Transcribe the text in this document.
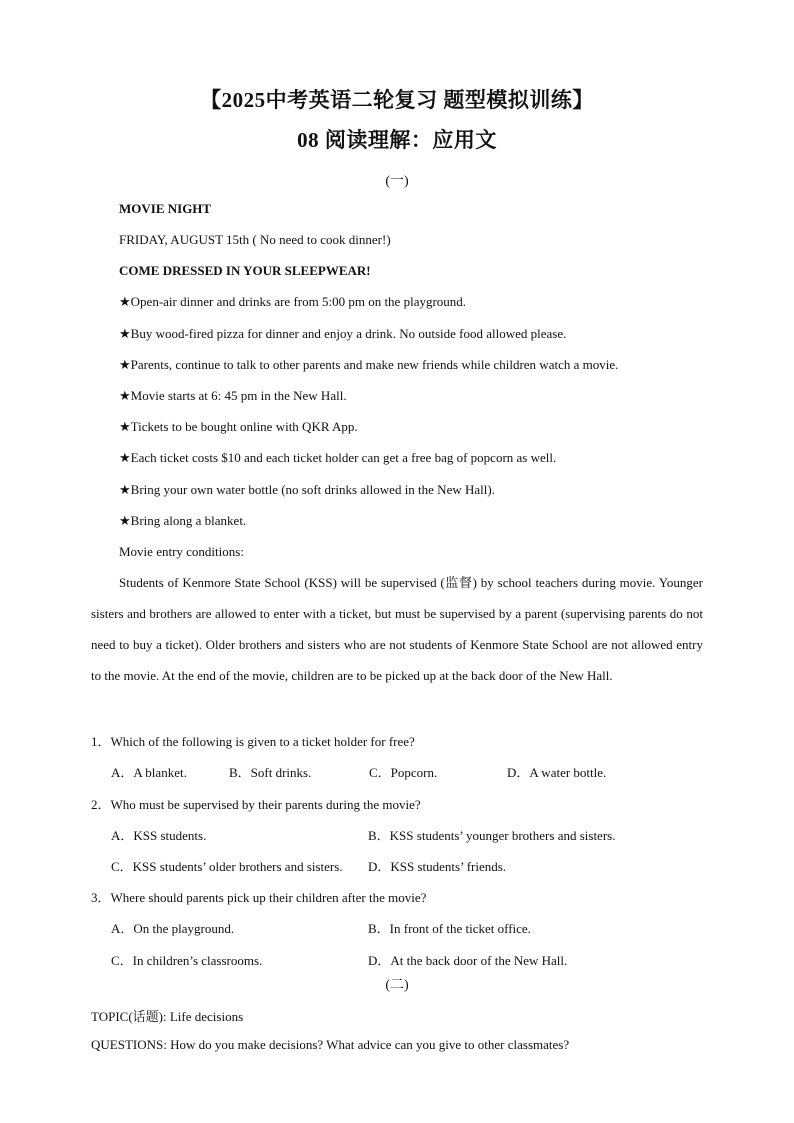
【2025中考英语二轮复习 题型模拟训练】
08 阅读理解：应用文
(一)
MOVIE NIGHT
FRIDAY, AUGUST 15th ( No need to cook dinner!)
COME DRESSED IN YOUR SLEEPWEAR!
★Open-air dinner and drinks are from 5:00 pm on the playground.
★Buy wood-fired pizza for dinner and enjoy a drink. No outside food allowed please.
★Parents, continue to talk to other parents and make new friends while children watch a movie.
★Movie starts at 6: 45 pm in the New Hall.
★Tickets to be bought online with QKR App.
★Each ticket costs $10 and each ticket holder can get a free bag of popcorn as well.
★Bring your own water bottle (no soft drinks allowed in the New Hall).
★Bring along a blanket.
Movie entry conditions:
Students of Kenmore State School (KSS) will be supervised (监督) by school teachers during movie. Younger sisters and brothers are allowed to enter with a ticket, but must be supervised by a parent (supervising parents do not need to buy a ticket). Older brothers and sisters who are not students of Kenmore State School are not allowed entry to the movie. At the end of the movie, children are to be picked up at the back door of the New Hall.
1．Which of the following is given to a ticket holder for free?
A．A blanket.	B．Soft drinks.	C．Popcorn.	D．A water bottle.
2．Who must be supervised by their parents during the movie?
A．KSS students.	B．KSS students’ younger brothers and sisters.
C．KSS students’ older brothers and sisters. D．KSS students’ friends.
3．Where should parents pick up their children after the movie?
A．On the playground.	B．In front of the ticket office.
C．In children’s classrooms.	D．At the back door of the New Hall.
(二)
TOPIC(话题): Life decisions
QUESTIONS: How do you make decisions? What advice can you give to other classmates?
